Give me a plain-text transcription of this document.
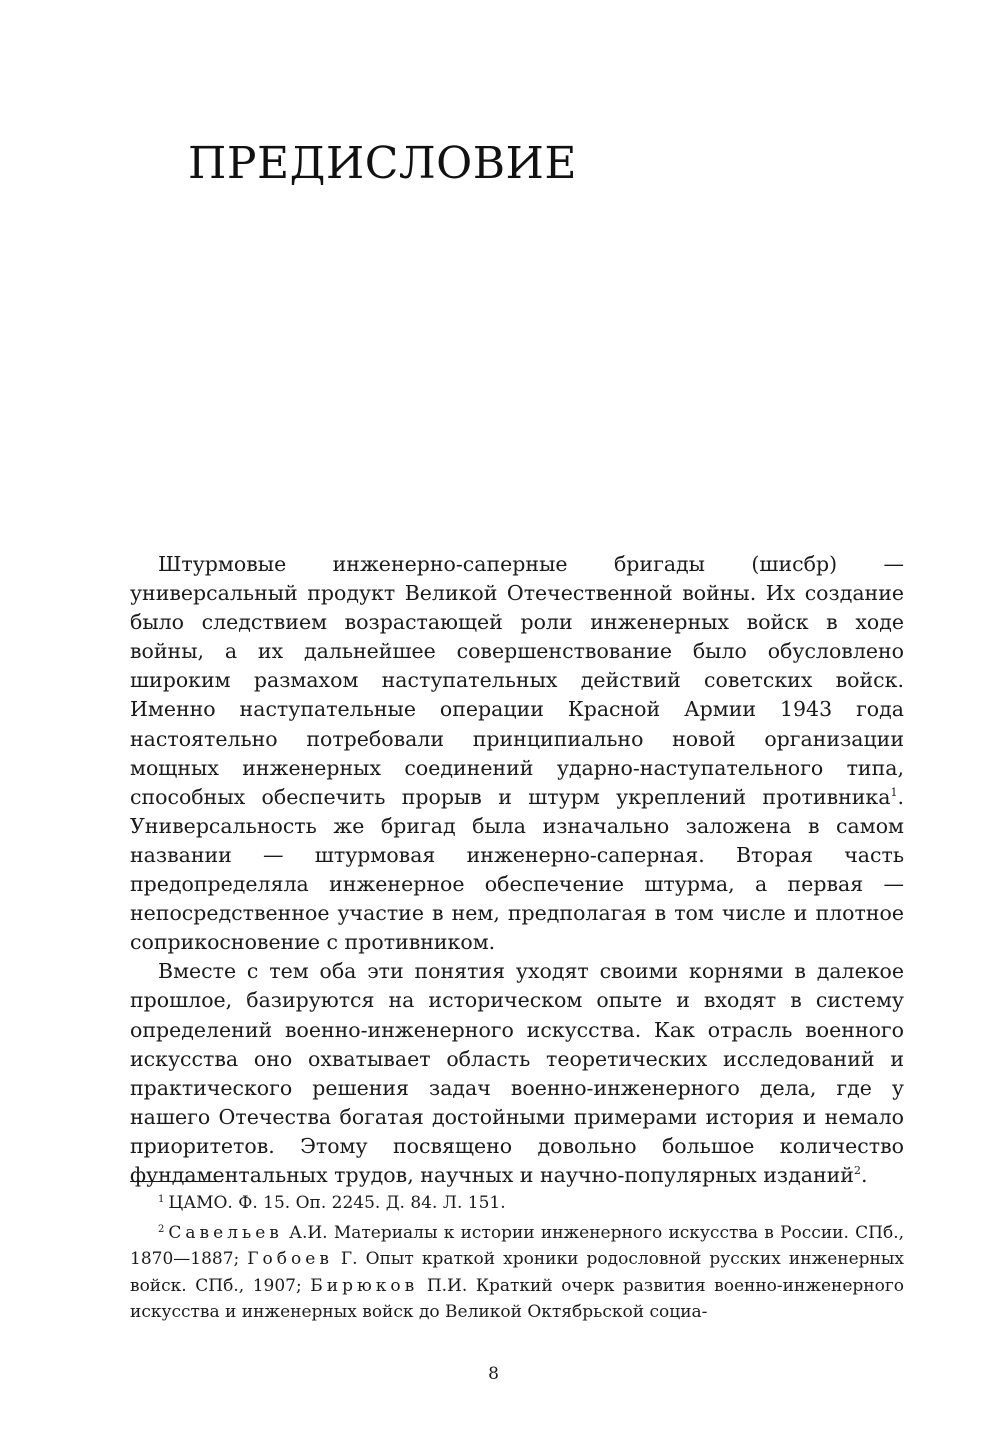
ПРЕДИСЛОВИЕ

Штурмовые инженерно-саперные бригады (шисбр) — универсальный продукт Великой Отечественной войны. Их создание было следствием возрастающей роли инженерных войск в ходе войны, а их дальнейшее совершенствование было обусловлено широким размахом наступательных действий советских войск. Именно наступательные операции Красной Армии 1943 года настоятельно потребовали принципиально новой организации мощных инженерных соединений ударно-наступательного типа, способных обеспечить прорыв и штурм укреплений противника$^1$. Универсальность же бригад была изначально заложена в самом названии — штурмовая инженерно-саперная. Вторая часть предопределяла инженерное обеспечение штурма, а первая — непосредственное участие в нем, предполагая в том числе и плотное соприкосновение с противником.

Вместе с тем оба эти понятия уходят своими корнями в далекое прошлое, базируются на историческом опыте и входят в систему определений военно-инженерного искусства. Как отрасль военного искусства оно охватывает область теоретических исследований и практического решения задач военно-инженерного дела, где у нашего Отечества богатая достойными примерами история и немало приоритетов. Этому посвящено довольно большое количество фундаментальных трудов, научных и научно-популярных изданий$^2$.

$^1$ ЦАМО. Ф. 15. Оп. 2245. Д. 84. Л. 151.

$^2$ Савельев А.И. Материалы к истории инженерного искусства в России. СПб., 1870—1887; Гобоев Г. Опыт краткой хроники родословной русских инженерных войск. СПб., 1907; Бирюков П.И. Краткий очерк развития военно-инженерного искусства и инженерных войск до Великой Октябрьской социа-

8
